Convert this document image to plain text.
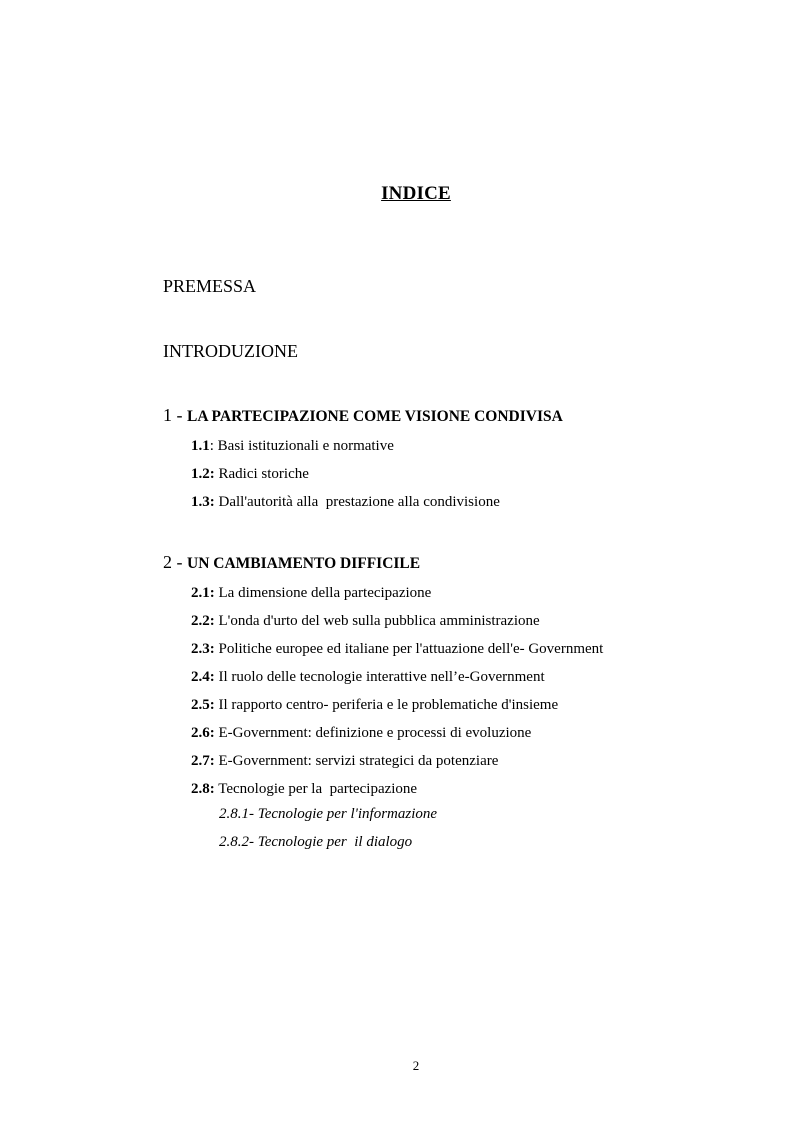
INDICE
PREMESSA
INTRODUZIONE
1 - LA PARTECIPAZIONE COME VISIONE CONDIVISA
1.1: Basi istituzionali e normative
1.2: Radici storiche
1.3: Dall'autorità alla  prestazione alla condivisione
2 - UN CAMBIAMENTO DIFFICILE
2.1: La dimensione della partecipazione
2.2: L'onda d'urto del web sulla pubblica amministrazione
2.3: Politiche europee ed italiane per l'attuazione dell'e- Government
2.4: Il ruolo delle tecnologie interattive nell’e-Government
2.5: Il rapporto centro- periferia e le problematiche d'insieme
2.6: E-Government: definizione e processi di evoluzione
2.7: E-Government: servizi strategici da potenziare
2.8: Tecnologie per la  partecipazione
2.8.1- Tecnologie per l'informazione
2.8.2- Tecnologie per  il dialogo
2
